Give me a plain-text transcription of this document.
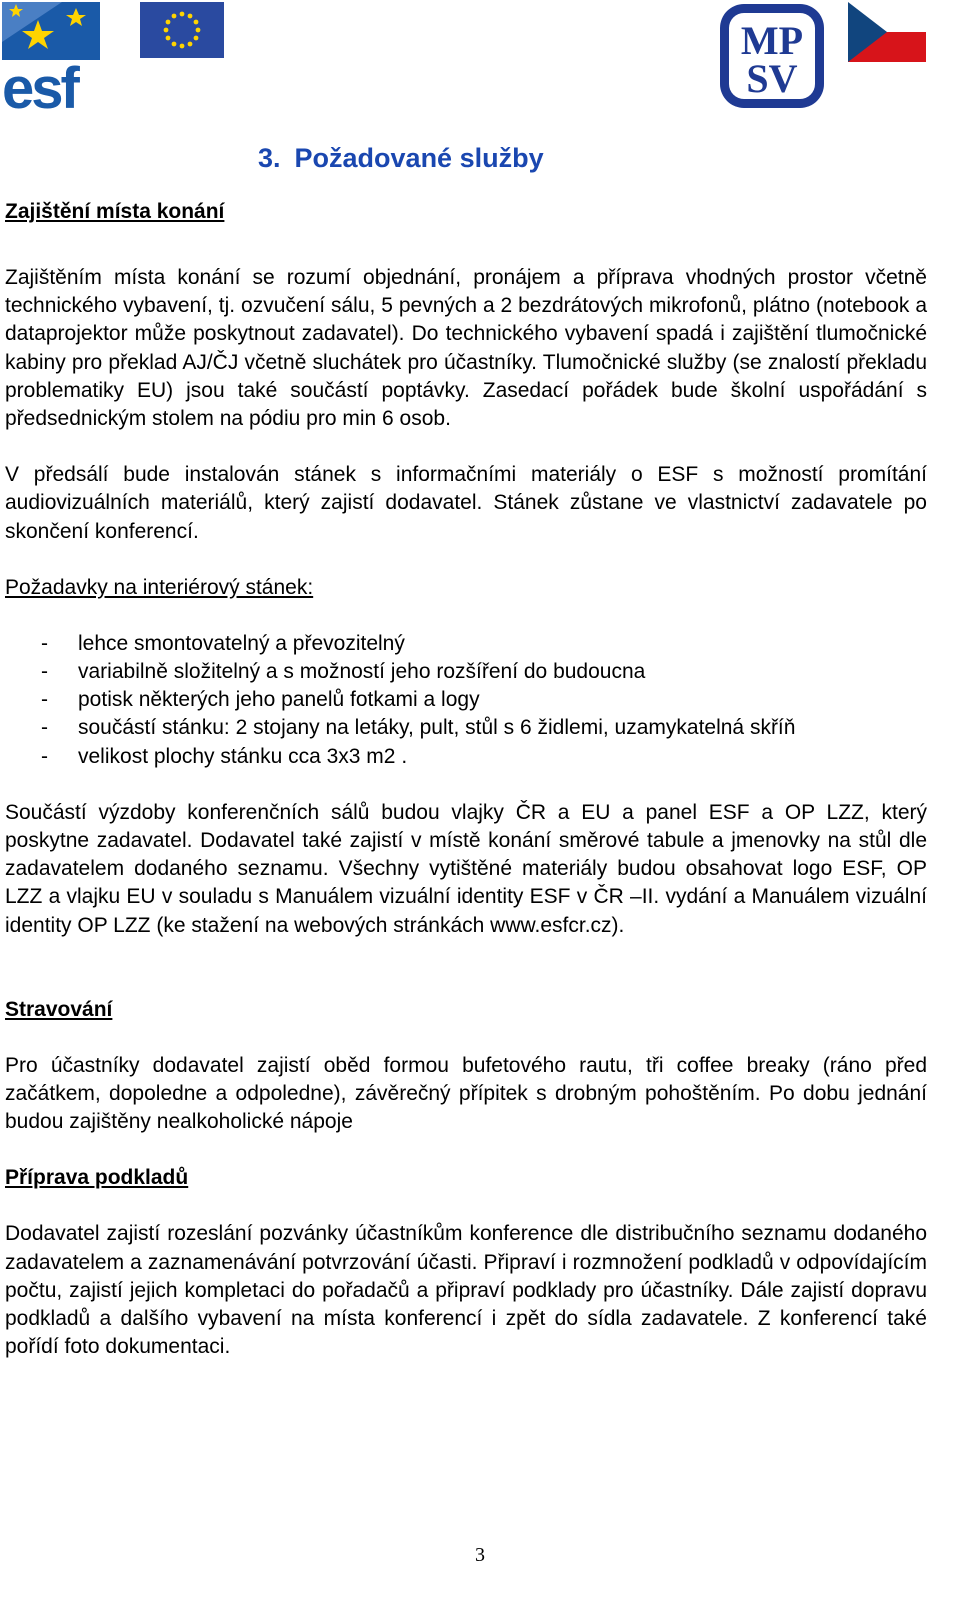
esf
MP
SV
3. Požadované služby
Zajištění místa konání

Zajištěním místa konání se rozumí objednání, pronájem a příprava vhodných prostor včetně technického vybavení, tj. ozvučení sálu, 5 pevných a 2 bezdrátových mikrofonů, plátno (notebook a dataprojektor může poskytnout zadavatel). Do technického vybavení spadá i zajištění tlumočnické kabiny pro překlad AJ/ČJ včetně sluchátek pro účastníky. Tlumočnické služby (se znalostí překladu problematiky EU) jsou také součástí poptávky. Zasedací pořádek bude školní uspořádání s předsednickým stolem na pódiu pro min 6 osob.

V předsálí bude instalován stánek s informačními materiály o ESF s možností promítání audiovizuálních materiálů, který zajistí dodavatel. Stánek zůstane ve vlastnictví zadavatele po skončení konferencí.

Požadavky na interiérový stánek:

- lehce smontovatelný a převozitelný
- variabilně složitelný a s možností jeho rozšíření do budoucna
- potisk některých jeho panelů fotkami a logy
- součástí stánku: 2 stojany na letáky, pult, stůl s 6 židlemi, uzamykatelná skříň
- velikost plochy stánku cca 3x3 m2 .

Součástí výzdoby konferenčních sálů budou vlajky ČR a EU a panel ESF a OP LZZ, který poskytne zadavatel. Dodavatel také zajistí v místě konání směrové tabule a jmenovky na stůl dle zadavatelem dodaného seznamu. Všechny vytištěné materiály budou obsahovat logo ESF, OP LZZ a vlajku EU v souladu s Manuálem vizuální identity ESF v ČR –II. vydání a Manuálem vizuální identity OP LZZ (ke stažení na webových stránkách www.esfcr.cz).

Stravování

Pro účastníky dodavatel zajistí oběd formou bufetového rautu, tři coffee breaky (ráno před začátkem, dopoledne a odpoledne), závěrečný přípitek s drobným pohoštěním. Po dobu jednání budou zajištěny nealkoholické nápoje

Příprava podkladů

Dodavatel zajistí rozeslání pozvánky účastníkům konference dle distribučního seznamu dodaného zadavatelem a zaznamenávání potvrzování účasti. Připraví i rozmnožení podkladů v odpovídajícím počtu, zajistí jejich kompletaci do pořadačů a připraví podklady pro účastníky. Dále zajistí dopravu podkladů a dalšího vybavení na místa konferencí i zpět do sídla zadavatele. Z konferencí také pořídí foto dokumentaci.

3
